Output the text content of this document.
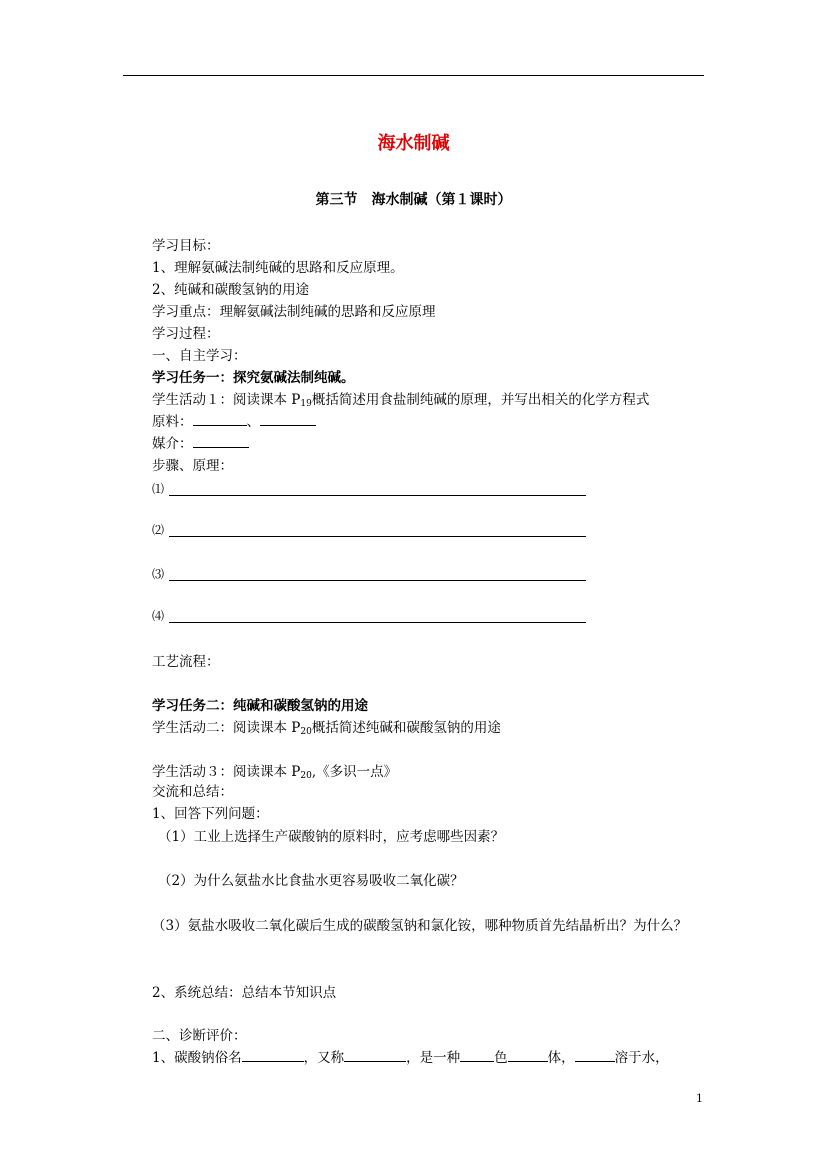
海水制碱
第三节　海水制碱（第１课时）
学习目标：
1、理解氨碱法制纯碱的思路和反应原理。
2、纯碱和碳酸氢钠的用途
学习重点：理解氨碱法制纯碱的思路和反应原理
学习过程：
一、自主学习：
学习任务一：探究氨碱法制纯碱。
学生活动１：阅读课本 $P_{19}$概括简述用食盐制纯碱的原理，并写出相关的化学方程式
原料：	、
媒介：
步骤、原理：
⑴
⑵
⑶
⑷
工艺流程：
学习任务二：纯碱和碳酸氢钠的用途
学生活动二：阅读课本 $P_{20}$概括简述纯碱和碳酸氢钠的用途
学生活动３：阅读课本 $P_{20}$,《多识一点》
交流和总结：
1、回答下列问题：
（1）工业上选择生产碳酸钠的原料时，应考虑哪些因素？
（2）为什么氨盐水比食盐水更容易吸收二氧化碳？
（3）氨盐水吸收二氧化碳后生成的碳酸氢钠和氯化铵，哪种物质首先结晶析出？为什么？
2、系统总结：总结本节知识点
二、诊断评价：
1、碳酸钠俗名	，又称	，是一种	色	体，	溶于水，
1
